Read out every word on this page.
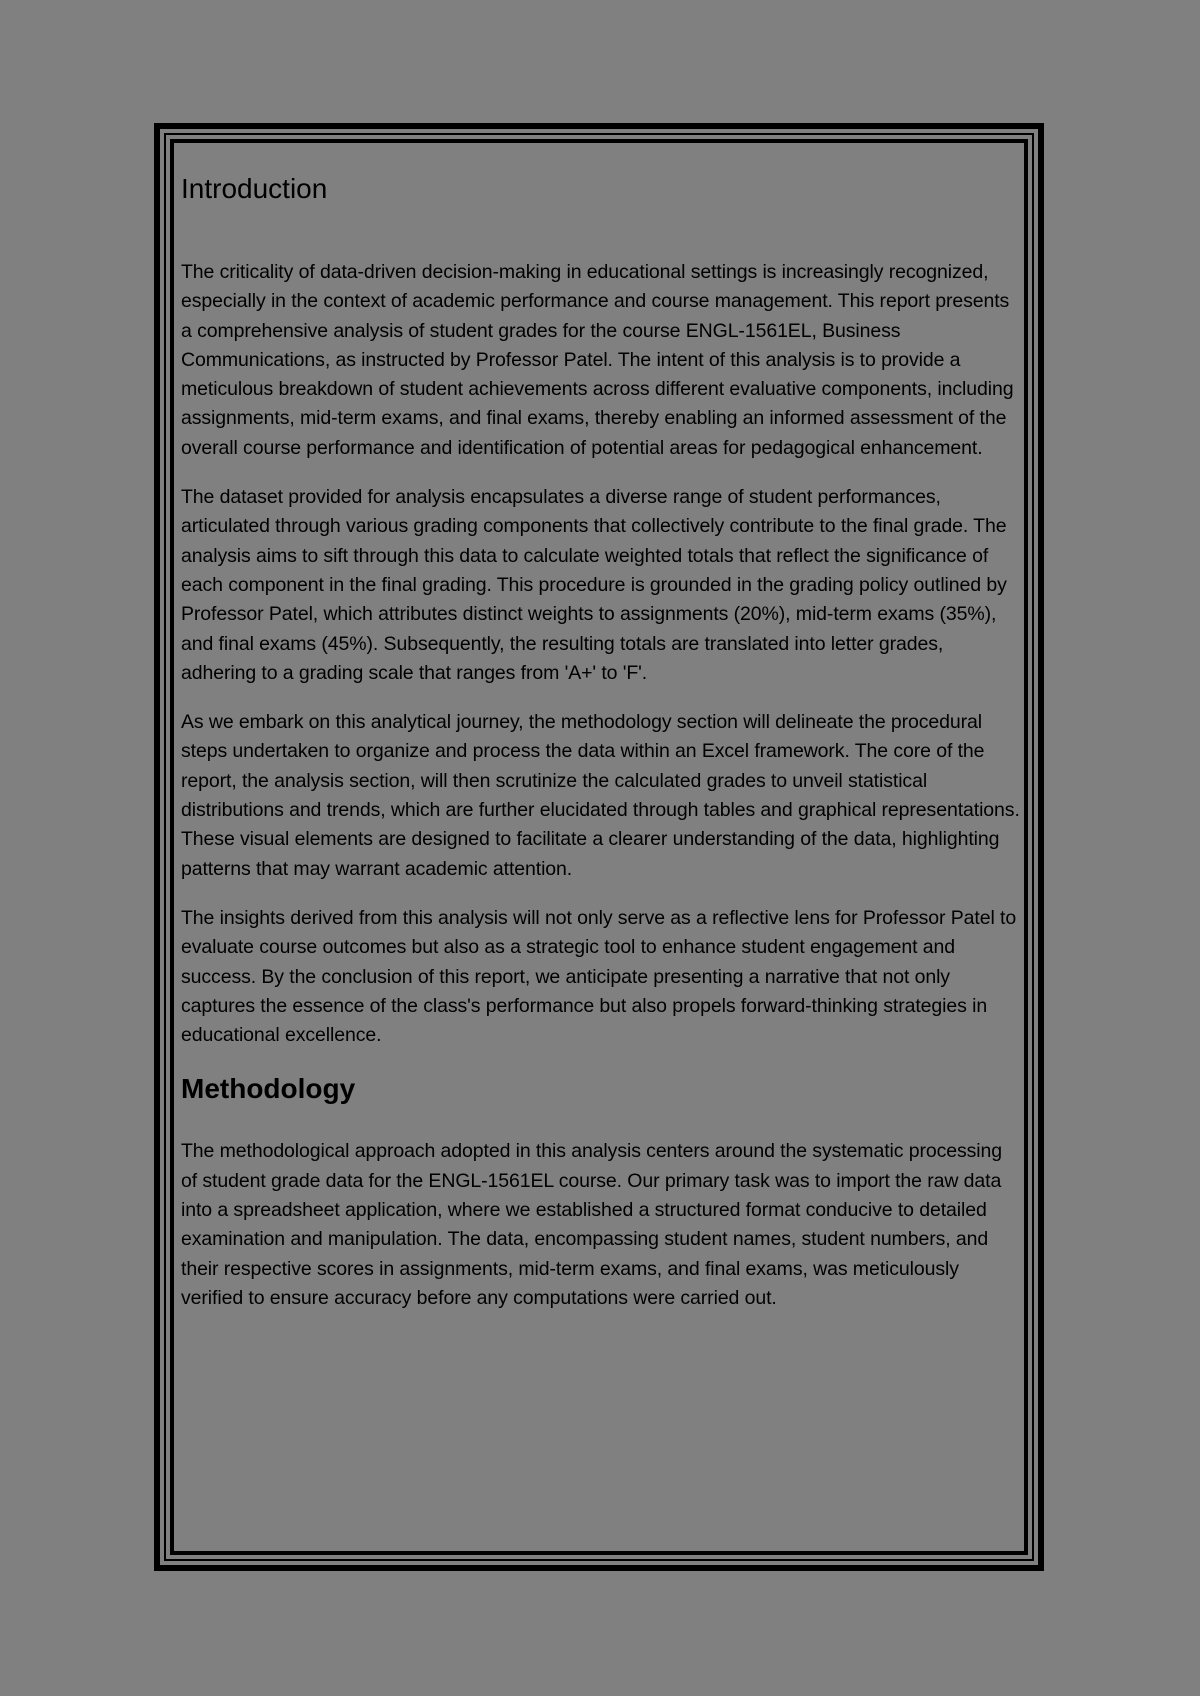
Introduction

The criticality of data-driven decision-making in educational settings is increasingly recognized, especially in the context of academic performance and course management. This report presents a comprehensive analysis of student grades for the course ENGL-1561EL, Business Communications, as instructed by Professor Patel. The intent of this analysis is to provide a meticulous breakdown of student achievements across different evaluative components, including assignments, mid-term exams, and final exams, thereby enabling an informed assessment of the overall course performance and identification of potential areas for pedagogical enhancement.

The dataset provided for analysis encapsulates a diverse range of student performances, articulated through various grading components that collectively contribute to the final grade. The analysis aims to sift through this data to calculate weighted totals that reflect the significance of each component in the final grading. This procedure is grounded in the grading policy outlined by Professor Patel, which attributes distinct weights to assignments (20%), mid-term exams (35%), and final exams (45%). Subsequently, the resulting totals are translated into letter grades, adhering to a grading scale that ranges from 'A+' to 'F'.

As we embark on this analytical journey, the methodology section will delineate the procedural steps undertaken to organize and process the data within an Excel framework. The core of the report, the analysis section, will then scrutinize the calculated grades to unveil statistical distributions and trends, which are further elucidated through tables and graphical representations. These visual elements are designed to facilitate a clearer understanding of the data, highlighting patterns that may warrant academic attention.

The insights derived from this analysis will not only serve as a reflective lens for Professor Patel to evaluate course outcomes but also as a strategic tool to enhance student engagement and success. By the conclusion of this report, we anticipate presenting a narrative that not only captures the essence of the class's performance but also propels forward-thinking strategies in educational excellence.

Methodology

The methodological approach adopted in this analysis centers around the systematic processing of student grade data for the ENGL-1561EL course. Our primary task was to import the raw data into a spreadsheet application, where we established a structured format conducive to detailed examination and manipulation. The data, encompassing student names, student numbers, and their respective scores in assignments, mid-term exams, and final exams, was meticulously verified to ensure accuracy before any computations were carried out.
